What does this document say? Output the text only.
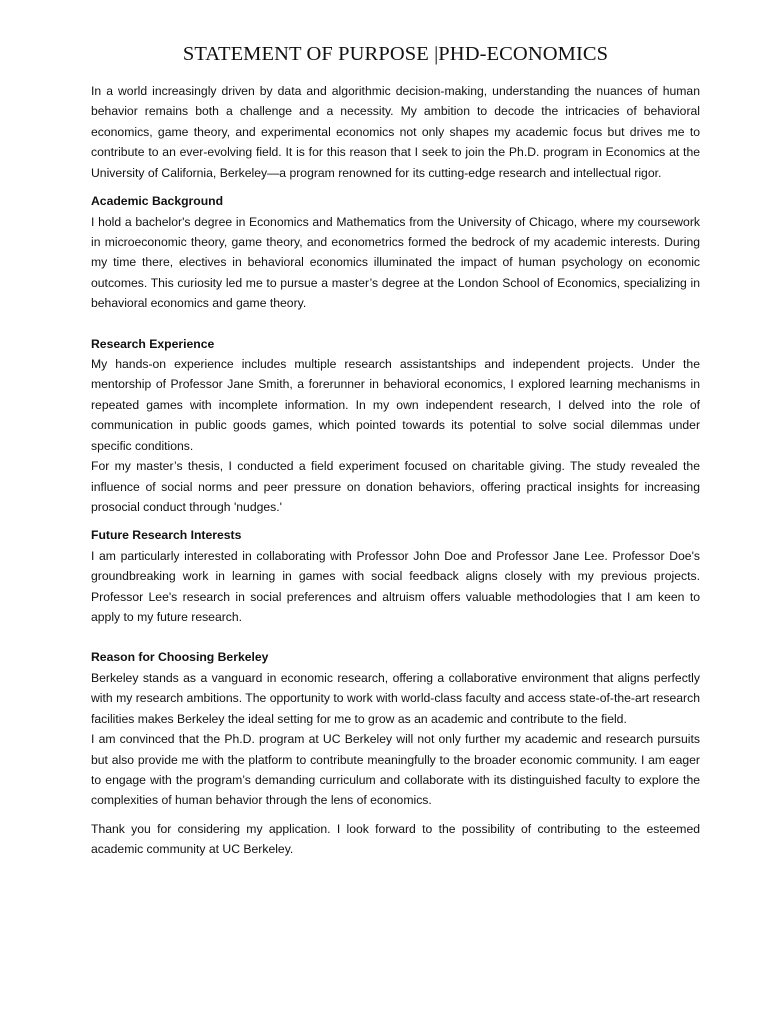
STATEMENT OF PURPOSE |PHD-ECONOMICS

In a world increasingly driven by data and algorithmic decision-making, understanding the nuances of human behavior remains both a challenge and a necessity. My ambition to decode the intricacies of behavioral economics, game theory, and experimental economics not only shapes my academic focus but drives me to contribute to an ever-evolving field. It is for this reason that I seek to join the Ph.D. program in Economics at the University of California, Berkeley—a program renowned for its cutting-edge research and intellectual rigor.

Academic Background

I hold a bachelor's degree in Economics and Mathematics from the University of Chicago, where my coursework in microeconomic theory, game theory, and econometrics formed the bedrock of my academic interests. During my time there, electives in behavioral economics illuminated the impact of human psychology on economic outcomes. This curiosity led me to pursue a master’s degree at the London School of Economics, specializing in behavioral economics and game theory.

Research Experience

My hands-on experience includes multiple research assistantships and independent projects. Under the mentorship of Professor Jane Smith, a forerunner in behavioral economics, I explored learning mechanisms in repeated games with incomplete information. In my own independent research, I delved into the role of communication in public goods games, which pointed towards its potential to solve social dilemmas under specific conditions.

For my master’s thesis, I conducted a field experiment focused on charitable giving. The study revealed the influence of social norms and peer pressure on donation behaviors, offering practical insights for increasing prosocial conduct through 'nudges.'

Future Research Interests

I am particularly interested in collaborating with Professor John Doe and Professor Jane Lee. Professor Doe's groundbreaking work in learning in games with social feedback aligns closely with my previous projects. Professor Lee's research in social preferences and altruism offers valuable methodologies that I am keen to apply to my future research.

Reason for Choosing Berkeley

Berkeley stands as a vanguard in economic research, offering a collaborative environment that aligns perfectly with my research ambitions. The opportunity to work with world-class faculty and access state-of-the-art research facilities makes Berkeley the ideal setting for me to grow as an academic and contribute to the field.

I am convinced that the Ph.D. program at UC Berkeley will not only further my academic and research pursuits but also provide me with the platform to contribute meaningfully to the broader economic community. I am eager to engage with the program’s demanding curriculum and collaborate with its distinguished faculty to explore the complexities of human behavior through the lens of economics.

Thank you for considering my application. I look forward to the possibility of contributing to the esteemed academic community at UC Berkeley.
